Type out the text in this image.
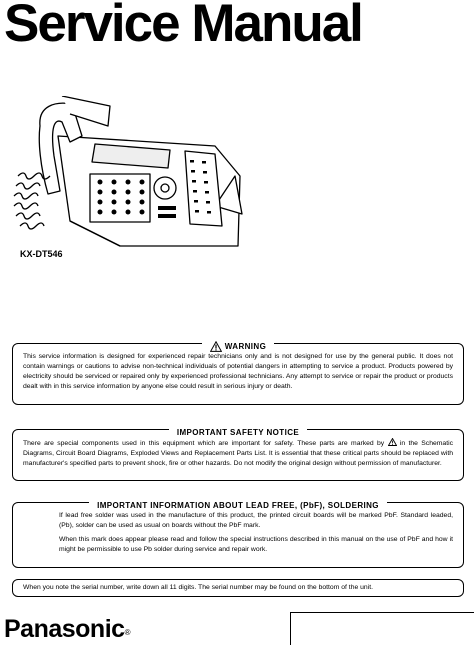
Service Manual
KX-DT546
WARNING

This service information is designed for experienced repair technicians only and is not designed for use by the general public. It does not contain warnings or cautions to advise non-technical individuals of potential dangers in attempting to service a product. Products powered by electricity should be serviced or repaired only by experienced professional technicians. Any attempt to service or repair the product or products dealt with in this service information by anyone else could result in serious injury or death.

IMPORTANT SAFETY NOTICE

There are special components used in this equipment which are important for safety. These parts are marked by in the Schematic Diagrams, Circuit Board Diagrams, Exploded Views and Replacement Parts List. It is essential that these critical parts should be replaced with manufacturer's specified parts to prevent shock, fire or other hazards. Do not modify the original design without permission of manufacturer.

IMPORTANT INFORMATION ABOUT LEAD FREE, (PbF), SOLDERING

If lead free solder was used in the manufacture of this product, the printed circuit boards will be marked PbF. Standard leaded, (Pb), solder can be used as usual on boards without the PbF mark.

When this mark does appear please read and follow the special instructions described in this manual on the use of PbF and how it might be permissible to use Pb solder during service and repair work.

When you note the serial number, write down all 11 digits. The serial number may be found on the bottom of the unit.

Panasonic®
